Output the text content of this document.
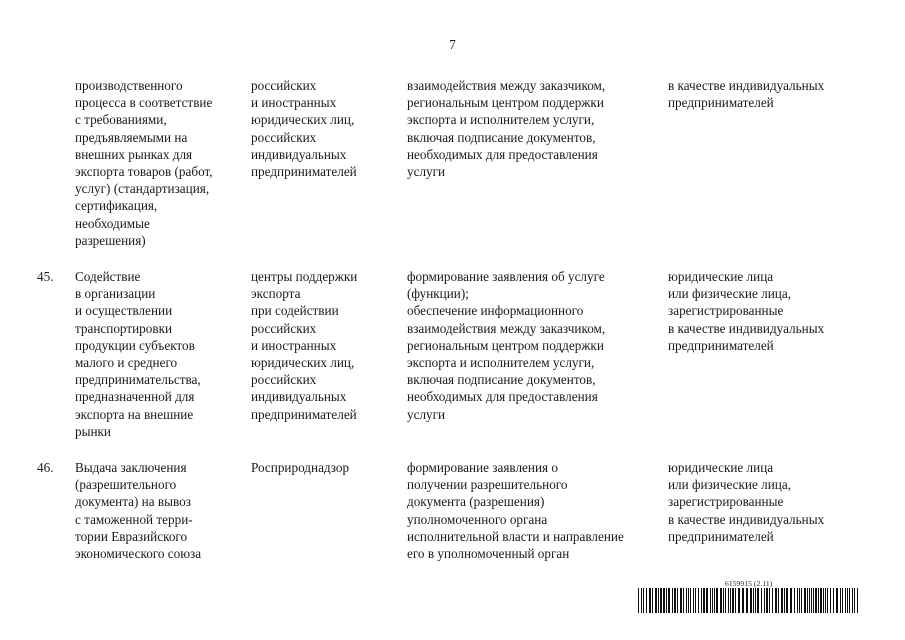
7

производственного
процесса в соответствие
с требованиями,
предъявляемыми на
внешних рынках для
экспорта товаров (работ,
услуг) (стандартизация,
сертификация,
необходимые
разрешения)

российских
и иностранных
юридических лиц,
российских
индивидуальных
предпринимателей

взаимодействия между заказчиком,
региональным центром поддержки
экспорта и исполнителем услуги,
включая подписание документов,
необходимых для предоставления
услуги

в качестве индивидуальных
предпринимателей

45. Содействие
в организации
и осуществлении
транспортировки
продукции субъектов
малого и среднего
предпринимательства,
предназначенной для
экспорта на внешние
рынки

центры поддержки
экспорта
при содействии
российских
и иностранных
юридических лиц,
российских
индивидуальных
предпринимателей

формирование заявления об услуге
(функции);
обеспечение информационного
взаимодействия между заказчиком,
региональным центром поддержки
экспорта и исполнителем услуги,
включая подписание документов,
необходимых для предоставления
услуги

юридические лица
или физические лица,
зарегистрированные
в качестве индивидуальных
предпринимателей

46. Выдача заключения
(разрешительного
документа) на вывоз
с таможенной терри-
тории Евразийского
экономического союза

Росприроднадзор	формирование заявления о
получении разрешительного
документа (разрешения)
уполномоченного органа
исполнительной власти и направление
его в уполномоченный орган

юридические лица
или физические лица,
зарегистрированные
в качестве индивидуальных
предпринимателей

6159915 (2.11)
